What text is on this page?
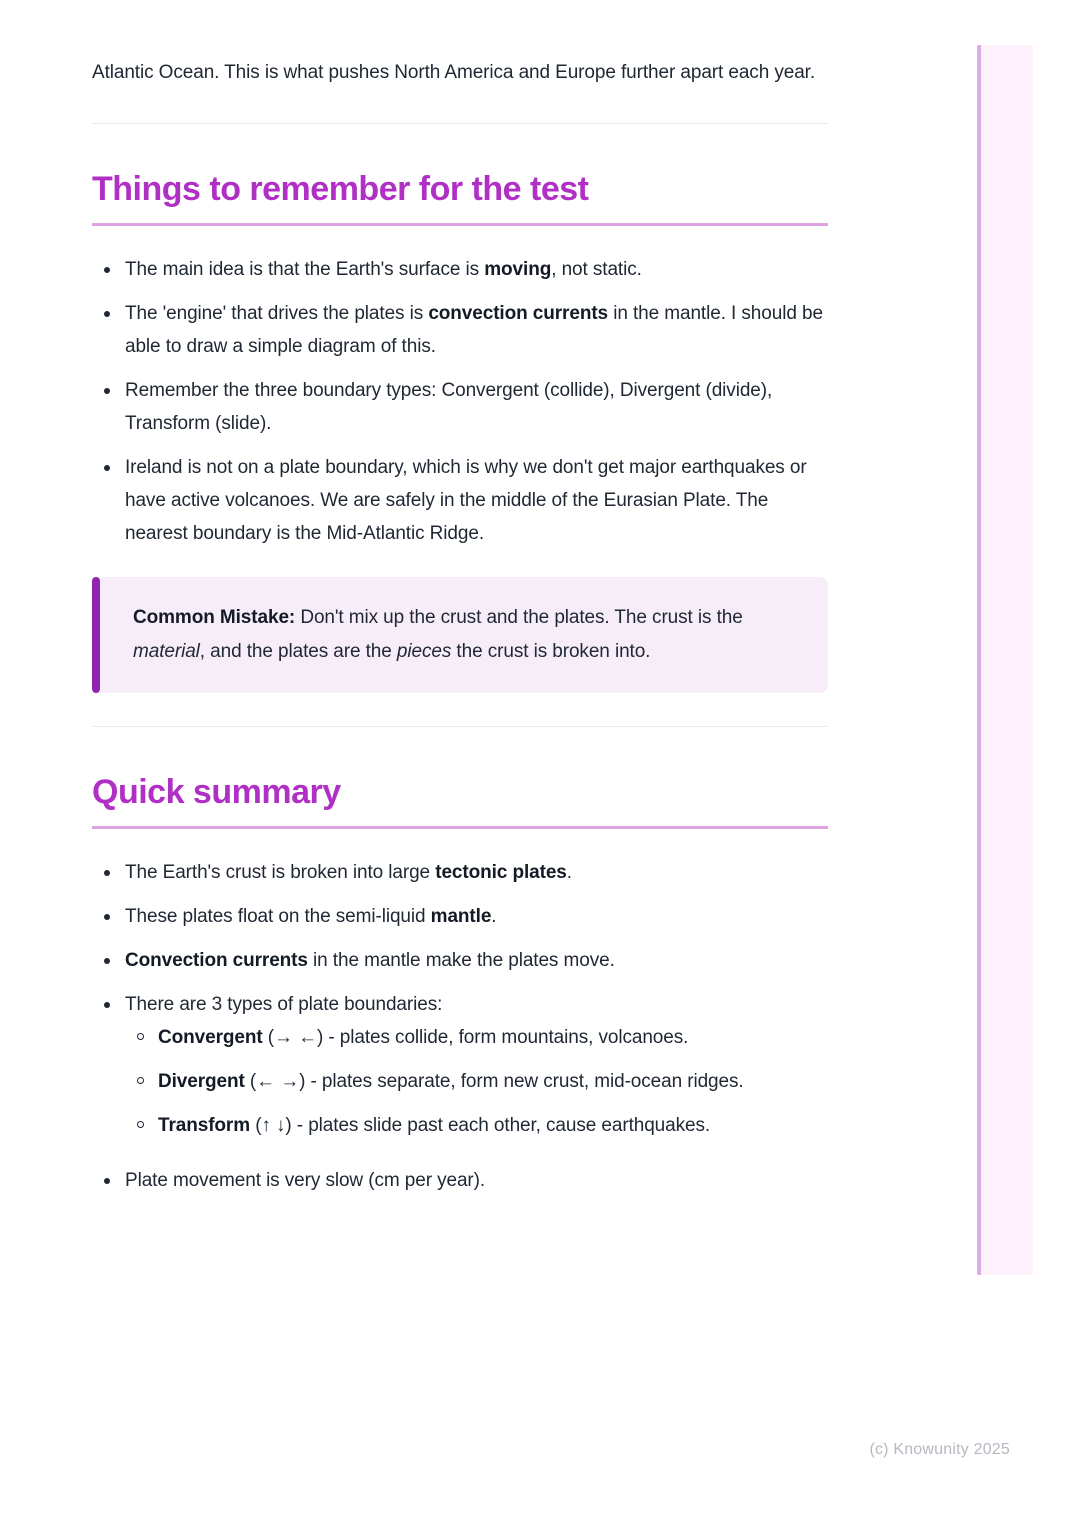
Atlantic Ocean. This is what pushes North America and Europe further apart each year.

Things to remember for the test
The main idea is that the Earth's surface is moving, not static.
The 'engine' that drives the plates is convection currents in the mantle. I should be able to draw a simple diagram of this.
Remember the three boundary types: Convergent (collide), Divergent (divide), Transform (slide).
Ireland is not on a plate boundary, which is why we don't get major earthquakes or have active volcanoes. We are safely in the middle of the Eurasian Plate. The nearest boundary is the Mid-Atlantic Ridge.
Common Mistake: Don't mix up the crust and the plates. The crust is the material, and the plates are the pieces the crust is broken into.
Quick summary
The Earth's crust is broken into large tectonic plates.
These plates float on the semi-liquid mantle.
Convection currents in the mantle make the plates move.
There are 3 types of plate boundaries:
Convergent (→ ←) - plates collide, form mountains, volcanoes.
Divergent (← →) - plates separate, form new crust, mid-ocean ridges.
Transform (↑ ↓) - plates slide past each other, cause earthquakes.
Plate movement is very slow (cm per year).
(c) Knowunity 2025
